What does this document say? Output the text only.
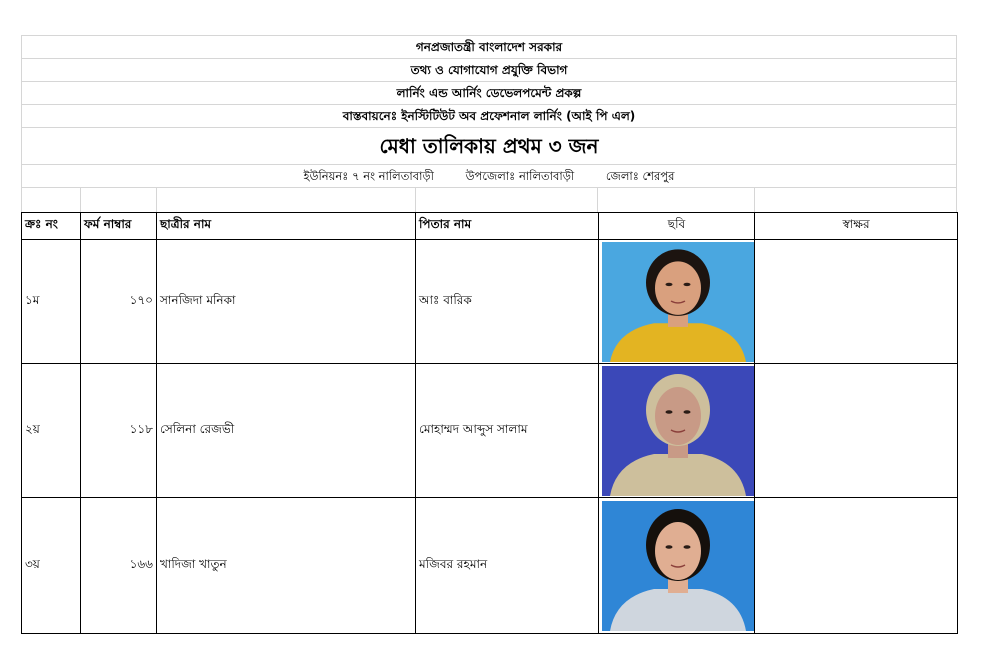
গনপ্রজাতন্ত্রী বাংলাদেশ সরকার
তথ্য ও যোগাযোগ প্রযুক্তি বিভাগ
লার্নিং এন্ড আর্নিং ডেভেলপমেন্ট প্রকল্প
বাস্তবায়নেঃ ইনস্টিটিউট অব প্রফেশনাল লার্নিং (আই পি এল)
মেধা তালিকায় প্রথম ৩ জন
ইউনিয়নঃ ৭ নং নালিতাবাড়ী	উপজেলাঃ নালিতাবাড়ী	জেলাঃ শেরপুর
ক্রঃ নং	ফর্ম নাম্বার	ছাত্রীর নাম	পিতার নাম	ছবি	স্বাক্ষর
১ম	১৭০	সানজিদা মনিকা	আঃ বারিক	

২য়	১১৮	সেলিনা রেজভী	মোহাম্মদ আব্দুস সালাম	

৩য়	১৬৬	খাদিজা খাতুন	মজিবর রহমান	
